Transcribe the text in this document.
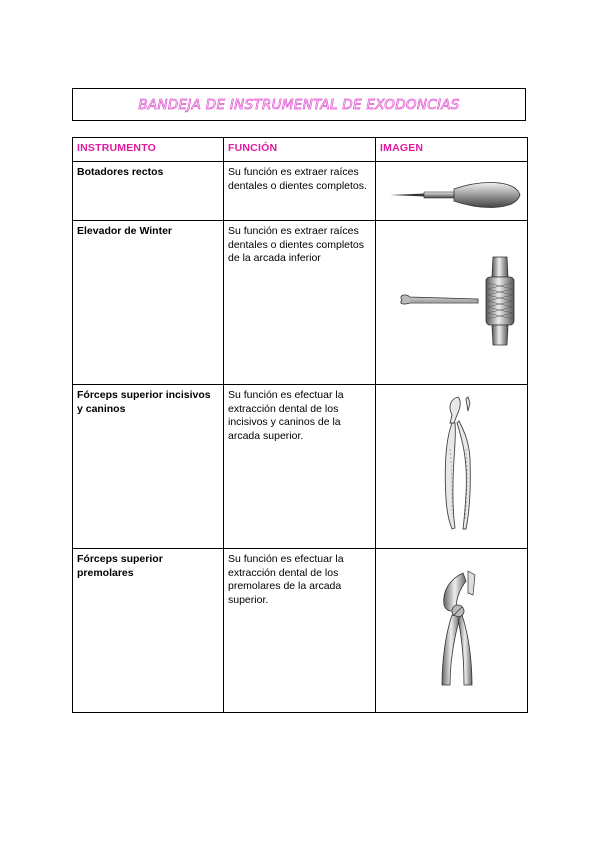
BANDEJA DE INSTRUMENTAL DE EXODONCIAS
INSTRUMENTO	FUNCIÓN	IMAGEN
Botadores rectos	Su función es extraer raíces dentales o dientes completos.	

Elevador de Winter	Su función es extraer raíces dentales o dientes completos de la arcada inferior	

Fórceps superior incisivos y caninos	Su función es efectuar la extracción dental de los incisivos y caninos de la arcada superior.	

Fórceps superior premolares	Su función es efectuar la extracción dental de los premolares de la arcada superior.	
